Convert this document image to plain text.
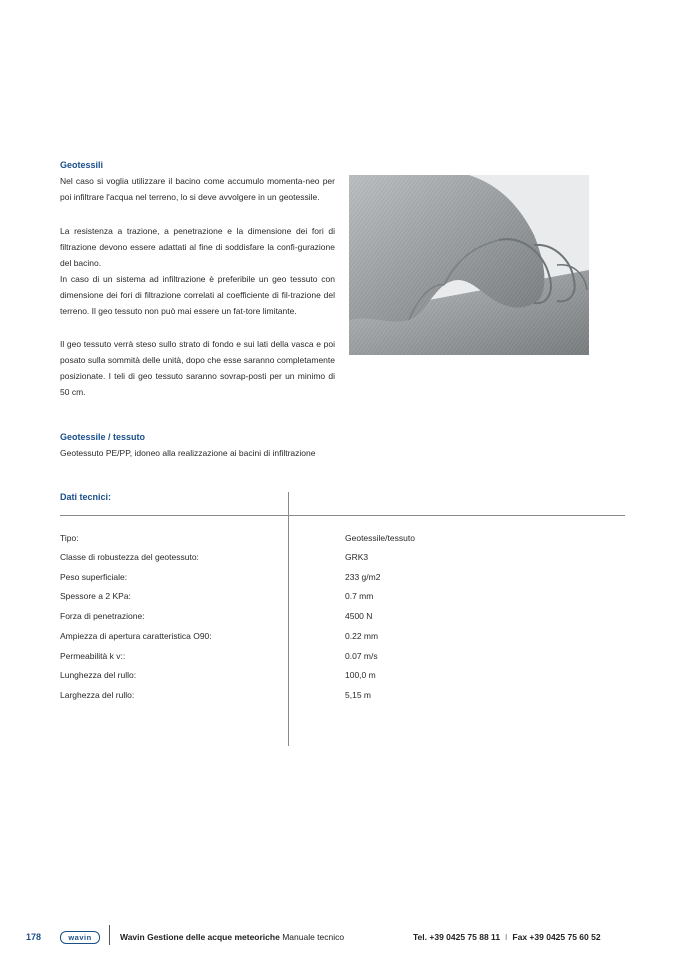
Geotessili
Nel caso si voglia utilizzare il bacino come accumulo momenta-neo per poi infiltrare l'acqua nel terreno, lo si deve avvolgere in un geotessile.
La resistenza a trazione, a penetrazione e la dimensione dei fori di filtrazione devono essere adattati al fine di soddisfare la confi-gurazione del bacino.
In caso di un sistema ad infiltrazione è preferibile un geo tessuto con dimensione dei fori di filtrazione correlati al coefficiente di fil-trazione del terreno. Il geo tessuto non può mai essere un fat-tore limitante.
Il geo tessuto verrà steso sullo strato di fondo e sui lati della vasca e poi posato sulla sommità delle unità, dopo che esse saranno completamente posizionate. I teli di geo tessuto saranno sovrap-posti per un minimo di 50 cm.
Geotessile / tessuto
Geotessuto PE/PP, idoneo alla realizzazione ai bacini di infiltrazione
Dati tecnici:
Tipo:	Geotessile/tessuto
Classe di robustezza del geotessuto:	GRK3
Peso superficiale:	233 g/m2
Spessore a 2 KPa:	0.7 mm
Forza di penetrazione:	4500 N
Ampiezza di apertura caratteristica O90:	0.22 mm
Permeabilità k v::	0.07 m/s
Lunghezza del rullo:	100,0 m
Larghezza del rullo:	5,15 m
178	wavin	Wavin Gestione delle acque meteoriche Manuale tecnico	Tel. +39 0425 75 88 11 I Fax +39 0425 75 60 52
